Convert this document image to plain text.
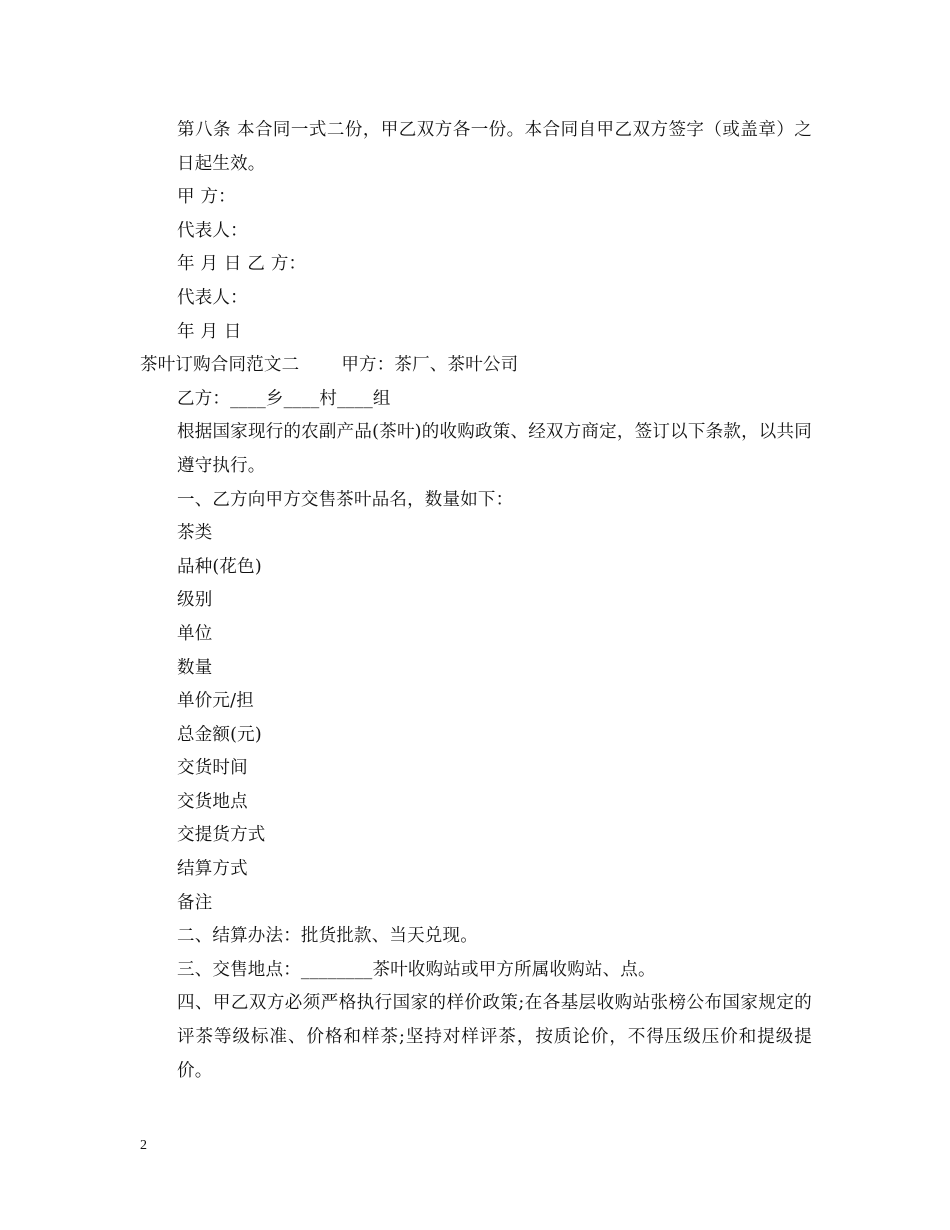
第八条 本合同一式二份，甲乙双方各一份。本合同自甲乙双方签字（或盖章）之日起生效。
甲 方：
代表人：
年 月 日 乙 方：
代表人：
年 月 日
茶叶订购合同范文二 甲方：茶厂、茶叶公司
乙方：____乡____村____组
根据国家现行的农副产品(茶叶)的收购政策、经双方商定，签订以下条款，以共同遵守执行。
一、乙方向甲方交售茶叶品名，数量如下：
茶类
品种(花色)
级别
单位
数量
单价元/担
总金额(元)
交货时间
交货地点
交提货方式
结算方式
备注
二、结算办法：批货批款、当天兑现。
三、交售地点：________茶叶收购站或甲方所属收购站、点。
四、甲乙双方必须严格执行国家的样价政策;在各基层收购站张榜公布国家规定的评茶等级标准、价格和样茶;坚持对样评茶，按质论价，不得压级压价和提级提价。
2
